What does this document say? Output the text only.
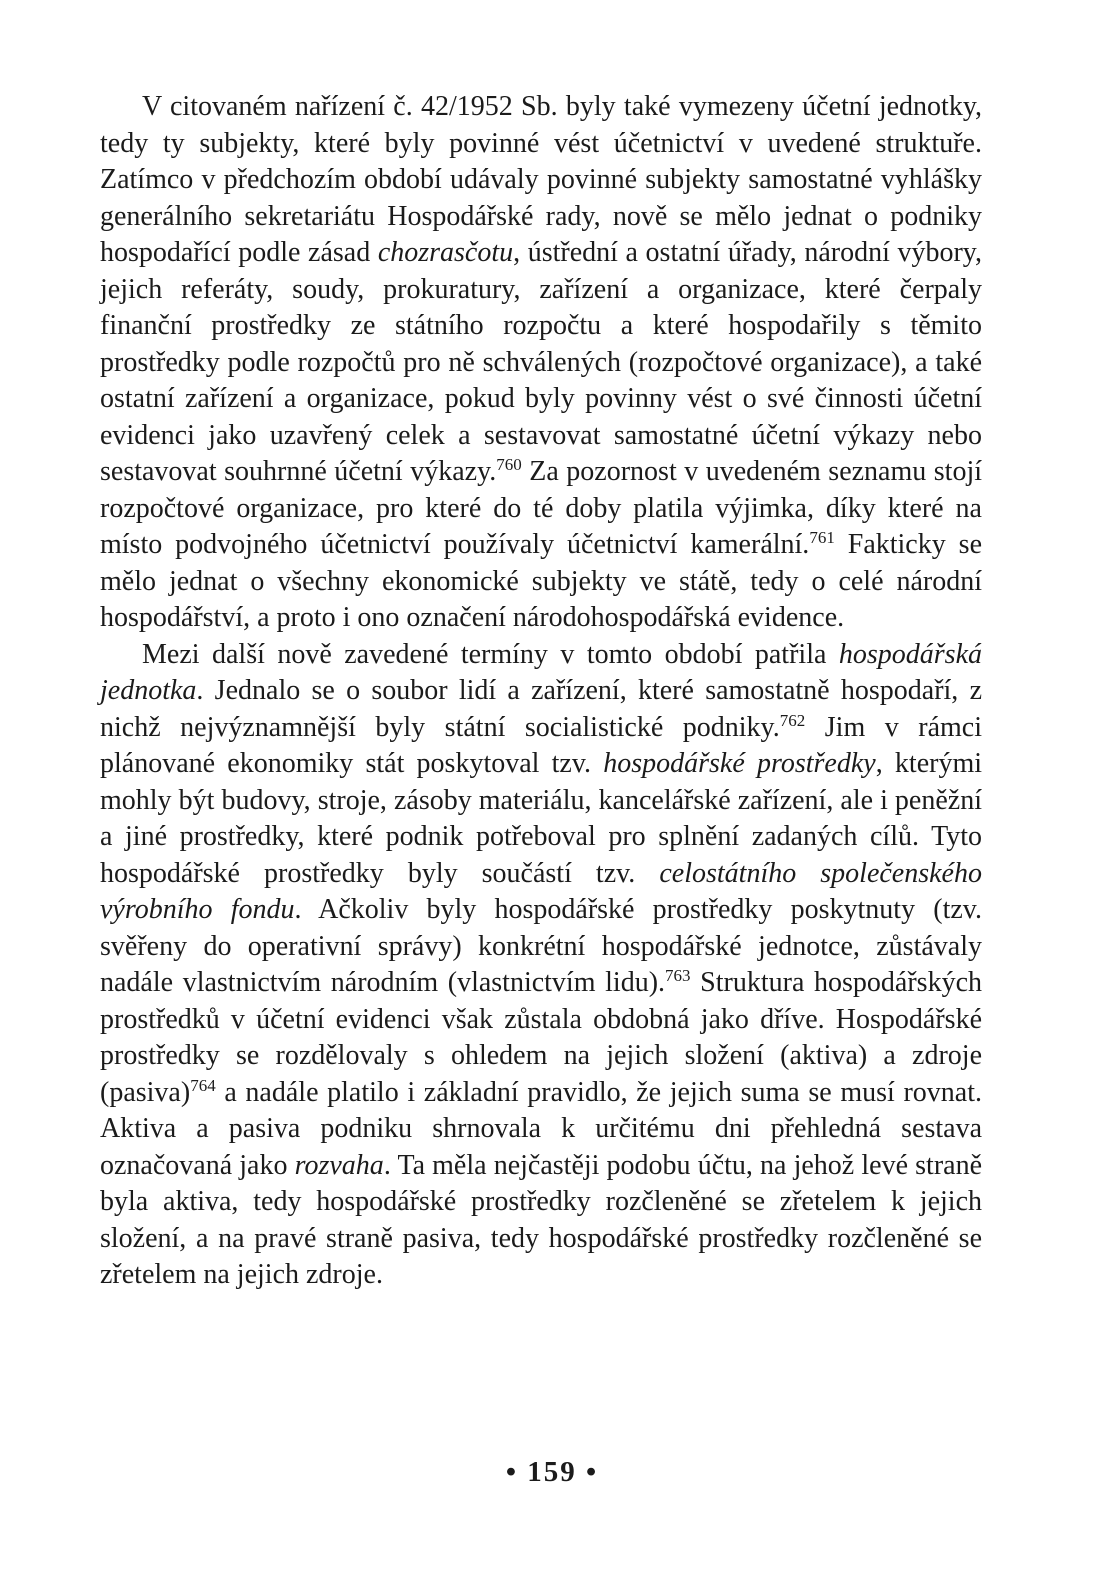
V citovaném nařízení č. 42/1952 Sb. byly také vymezeny účetní jednotky, tedy ty subjekty, které byly povinné vést účetnictví v uvedené struktuře. Zatímco v předchozím období udávaly povinné subjekty samostatné vyhlášky generálního sekretariátu Hospodářské rady, nově se mělo jednat o podniky hospodařící podle zásad chozrasčotu, ústřední a ostatní úřady, národní výbory, jejich referáty, soudy, prokuratury, zařízení a organizace, které čerpaly finanční prostředky ze státního rozpočtu a které hospodařily s těmito prostředky podle rozpočtů pro ně schválených (rozpočtové organizace), a také ostatní zařízení a organizace, pokud byly povinny vést o své činnosti účetní evidenci jako uzavřený celek a sestavovat samostatné účetní výkazy nebo sestavovat souhrnné účetní výkazy.$^{760}$ Za pozornost v uvedeném seznamu stojí rozpočtové organizace, pro které do té doby platila výjimka, díky které na místo podvojného účetnictví používaly účetnictví kamerální.$^{761}$ Fakticky se mělo jednat o všechny ekonomické subjekty ve státě, tedy o celé národní hospodářství, a proto i ono označení národohospodářská evidence.

Mezi další nově zavedené termíny v tomto období patřila hospodářská jednotka. Jednalo se o soubor lidí a zařízení, které samostatně hospodaří, z nichž nejvýznamnější byly státní socialistické podniky.$^{762}$ Jim v rámci plánované ekonomiky stát poskytoval tzv. hospodářské prostředky, kterými mohly být budovy, stroje, zásoby materiálu, kancelářské zařízení, ale i peněžní a jiné prostředky, které podnik potřeboval pro splnění zadaných cílů. Tyto hospodářské prostředky byly součástí tzv. celostátního společenského výrobního fondu. Ačkoliv byly hospodářské prostředky poskytnuty (tzv. svěřeny do operativní správy) konkrétní hospodářské jednotce, zůstávaly nadále vlastnictvím národním (vlastnictvím lidu).$^{763}$ Struktura hospodářských prostředků v účetní evidenci však zůstala obdobná jako dříve. Hospodářské prostředky se rozdělovaly s ohledem na jejich složení (aktiva) a zdroje (pasiva)$^{764}$ a nadále platilo i základní pravidlo, že jejich suma se musí rovnat. Aktiva a pasiva podniku shrnovala k určitému dni přehledná sestava označovaná jako rozvaha. Ta měla nejčastěji podobu účtu, na jehož levé straně byla aktiva, tedy hospodářské prostředky rozčleněné se zřetelem k jejich složení, a na pravé straně pasiva, tedy hospodářské prostředky rozčleněné se zřetelem na jejich zdroje.

• 159 •
